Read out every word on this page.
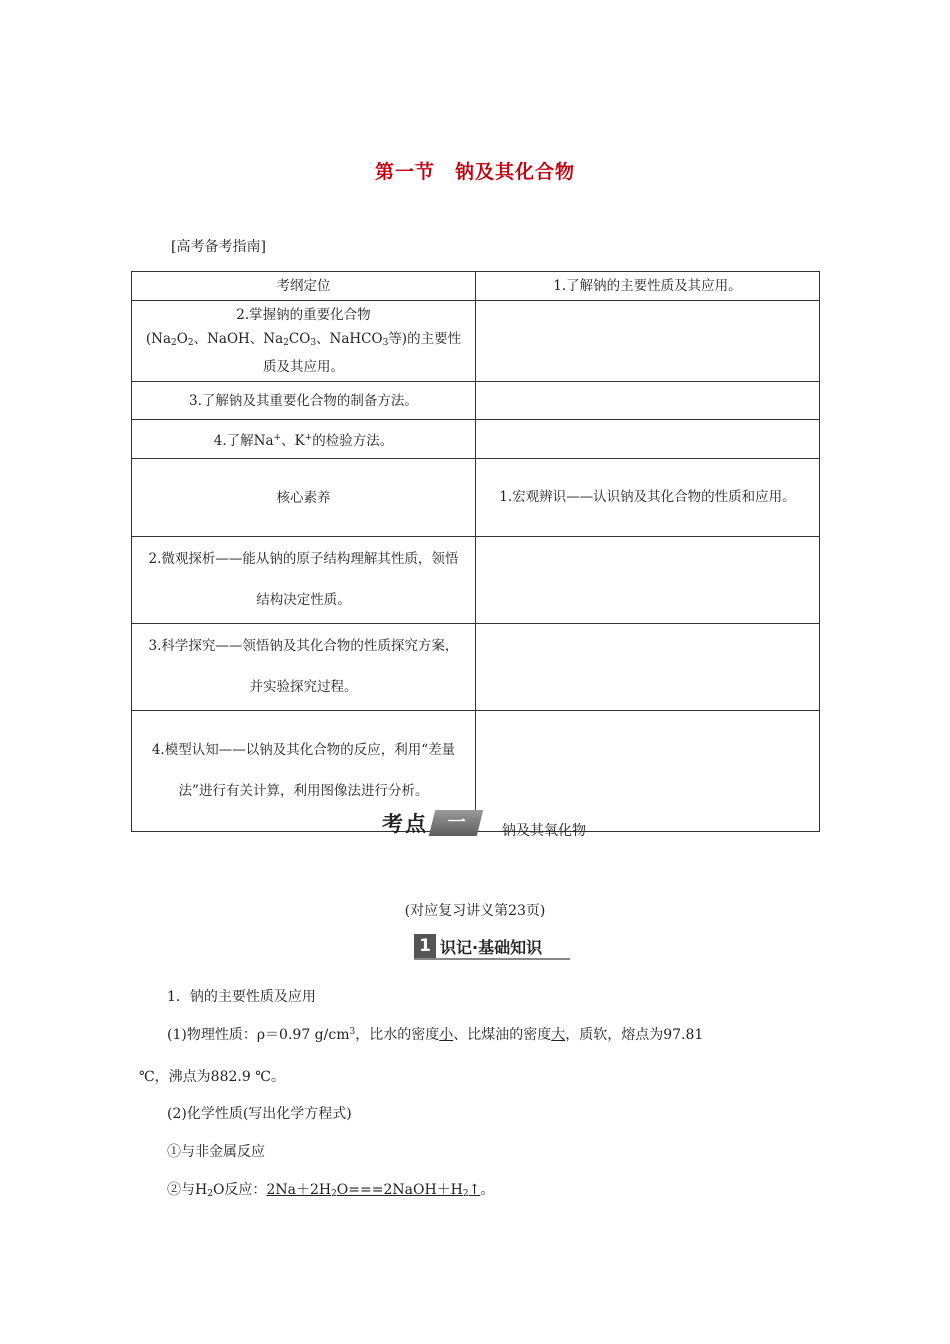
第一节　钠及其化合物
[高考备考指南]
考纲定位	1.了解钠的主要性质及其应用。

2.掌握钠的重要化合物
($Na_2O_2$、NaOH、$Na_2CO_3$、NaHCO$_3$等)的主要性
质及其应用。	

3.了解钠及其重要化合物的制备方法。	
4.了解Na+、K+的检验方法。	
核心素养	1.宏观辨识——认识钠及其化合物的性质和应用。
2.微观探析——能从钠的原子结构理解其性质，领悟结构决定性质。	
3.科学探究——领悟钠及其化合物的性质探究方案，并实验探究过程。	
4.模型认知——以钠及其化合物的反应，利用“差量法”进行有关计算，利用图像法进行分析。	
考点 一	钠及其氧化物
(对应复习讲义第23页)
1 识记·基础知识
1．钠的主要性质及应用
(1)物理性质：ρ＝0.97 $g/cm^3$，比水的密度小、比煤油的密度大，质软，熔点为97.81
℃，沸点为882.9 ℃。
(2)化学性质(写出化学方程式)
①与非金属反应
②与$H_2O$反应：$2Na+2H_2O===2NaOH+H_2↑$。
